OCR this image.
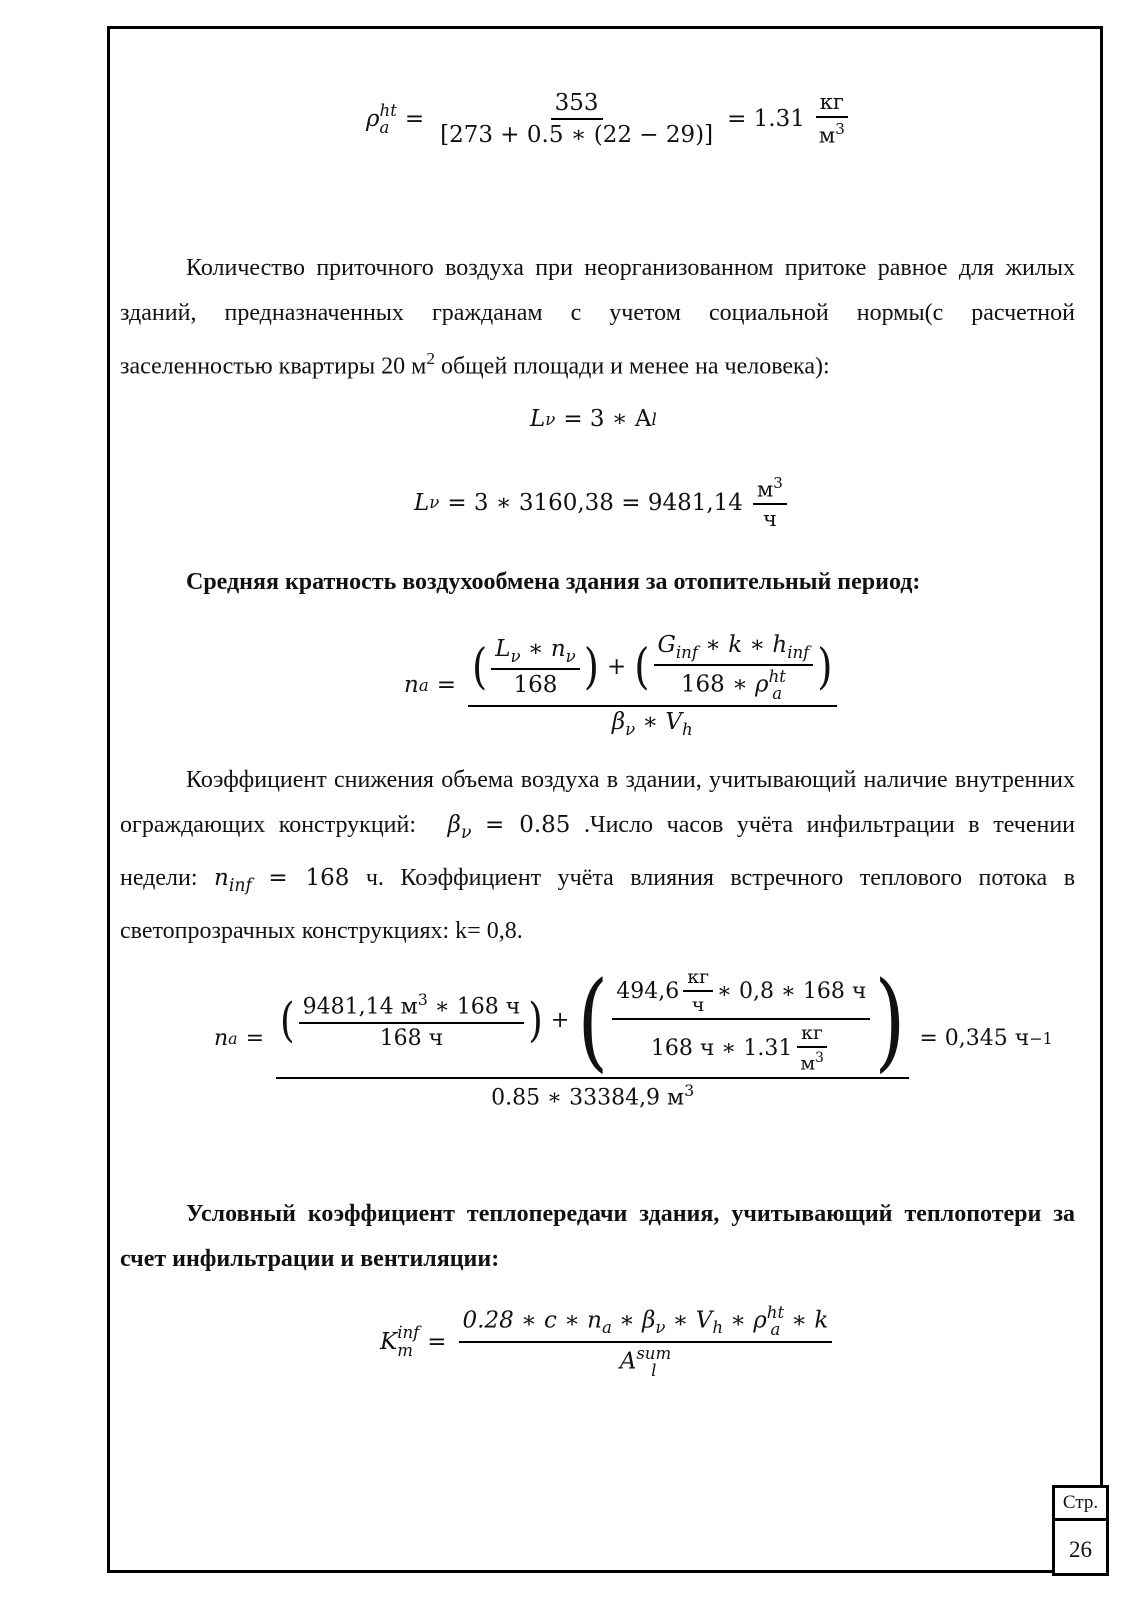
ρ ht
$a = \frac{353}{[273 + 0.5 ∗ (22 - 29)]} = 1.31 \frac{кг}{м^3}$
Количество приточного воздуха при неорганизованном притоке равное для жилых зданий, предназначенных гражданам с учетом социальной нормы(с расчетной заселенностью квартиры 20 $м^2$ общей площади и менее на человека):
L ν = 3 ∗ A l
L ν = 3 ∗ $3160,38 = 9481,14 \frac{м^3}{ч}$
Средняя кратность воздухообмена здания за отопительный период:
n a = ( $\frac{L_\nu ∗ n_\nu}{168}$ ) + ( $G_{inf}$ ∗ k ∗ $h_{inf}$
168 ∗ ρ ht
a )
$\beta_\nu$ ∗ $V_h$
Коэффициент снижения объема воздуха в здании, учитывающий наличие внутренних ограждающих конструкций: $\beta_\nu = 0.85$ .Число часов учёта инфильтрации в течении недели: $n_{inf} = 168$ ч. Коэффициент учёта влияния встречного теплового потока в светопрозрачных конструкциях: k= 0,8.
n a = ( $\frac{9481,14 м^3 ∗ 168 ч}{168 ч}$ ) + ( $\frac{494,6 \frac{кг}{ч} ∗ 0,8 ∗ 168 ч}{168 ч ∗ 1.31 \frac{кг}{м^3}}$ )
0.85 ∗ 33384,9 $м^3$
= 0,345 ч −1
Условный коэффициент теплопередачи здания, учитывающий теплопотери за счет инфильтрации и вентиляции:
K inf
m = 0.28 ∗ c ∗ $n_a$ ∗ $\beta_\nu$ ∗ $V_h$ ∗ ρ ht
a ∗ k
A sum
l
Стр.
26
